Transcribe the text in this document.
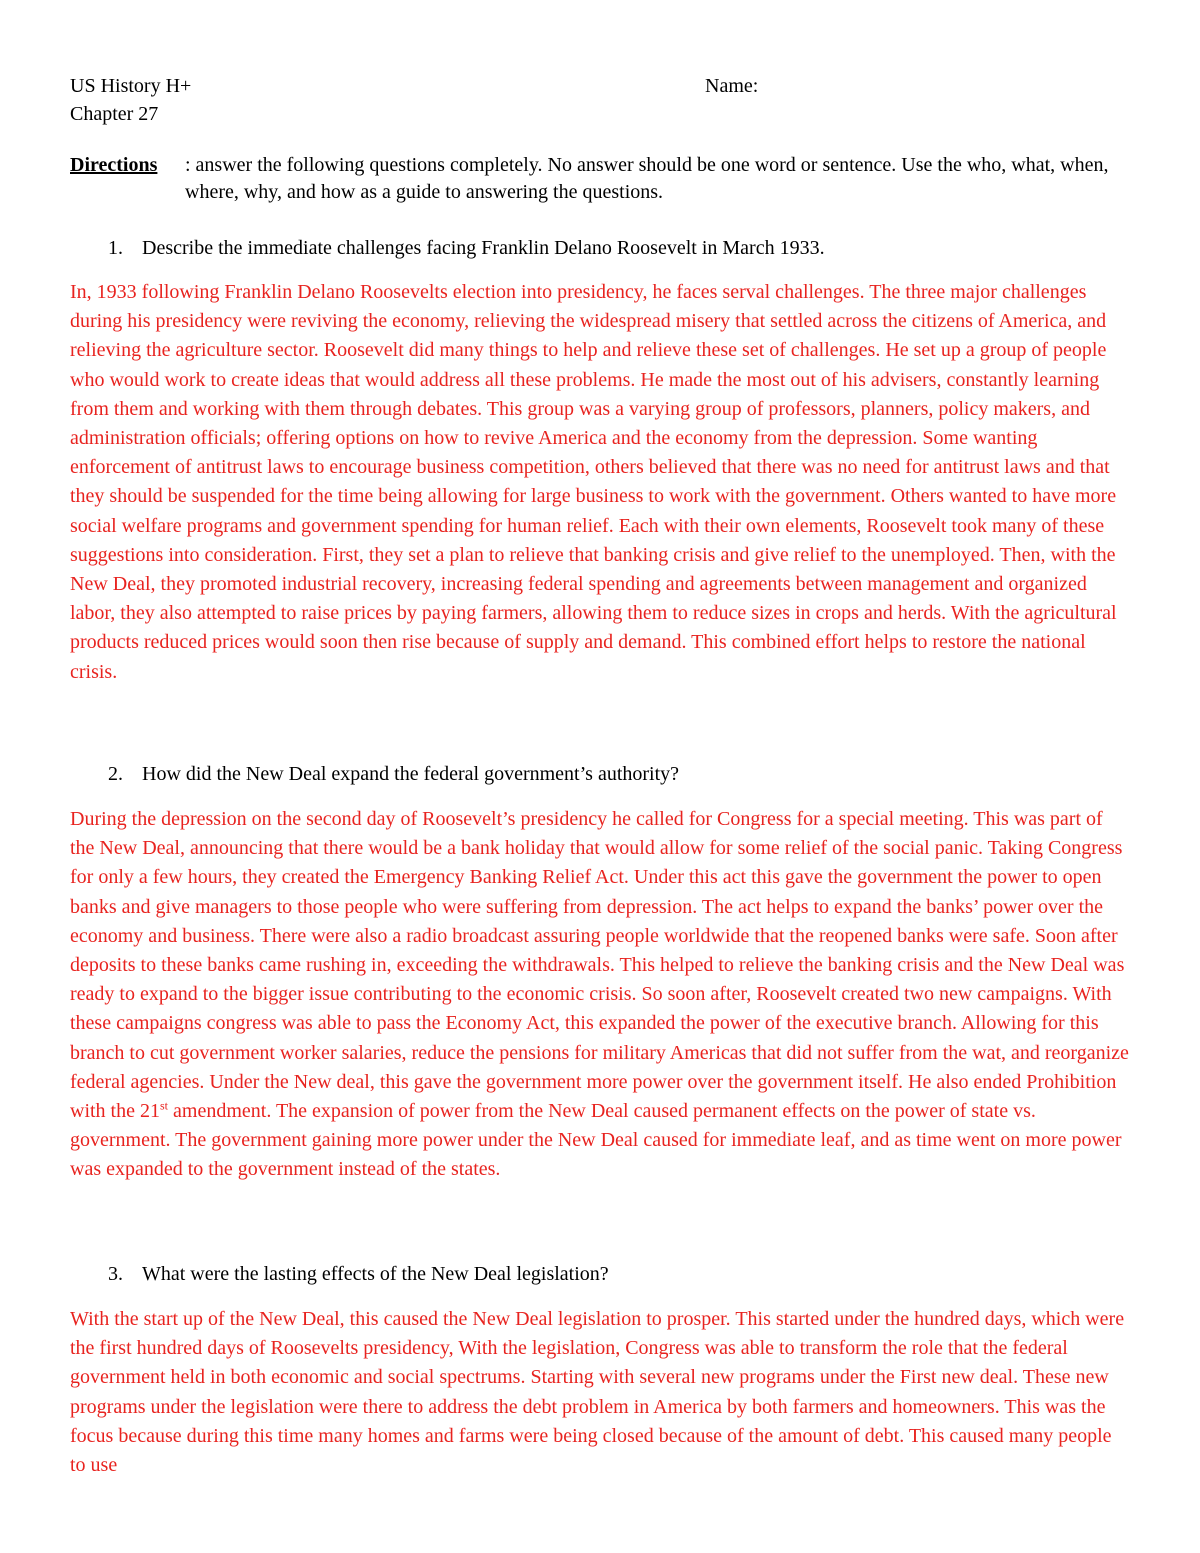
US History H+
Chapter 27
Name:
Directions	: answer the following questions completely. No answer should be one word or sentence. Use the who, what, when, where, why, and how as a guide to answering the questions.
1. Describe the immediate challenges facing Franklin Delano Roosevelt in March 1933.
In, 1933 following Franklin Delano Roosevelts election into presidency, he faces serval challenges. The three major challenges during his presidency were reviving the economy, relieving the widespread misery that settled across the citizens of America, and relieving the agriculture sector. Roosevelt did many things to help and relieve these set of challenges. He set up a group of people who would work to create ideas that would address all these problems. He made the most out of his advisers, constantly learning from them and working with them through debates. This group was a varying group of professors, planners, policy makers, and administration officials; offering options on how to revive America and the economy from the depression. Some wanting enforcement of antitrust laws to encourage business competition, others believed that there was no need for antitrust laws and that they should be suspended for the time being allowing for large business to work with the government. Others wanted to have more social welfare programs and government spending for human relief. Each with their own elements, Roosevelt took many of these suggestions into consideration. First, they set a plan to relieve that banking crisis and give relief to the unemployed. Then, with the New Deal, they promoted industrial recovery, increasing federal spending and agreements between management and organized labor, they also attempted to raise prices by paying farmers, allowing them to reduce sizes in crops and herds. With the agricultural products reduced prices would soon then rise because of supply and demand. This combined effort helps to restore the national crisis.
2. How did the New Deal expand the federal government’s authority?
During the depression on the second day of Roosevelt’s presidency he called for Congress for a special meeting. This was part of the New Deal, announcing that there would be a bank holiday that would allow for some relief of the social panic. Taking Congress for only a few hours, they created the Emergency Banking Relief Act. Under this act this gave the government the power to open banks and give managers to those people who were suffering from depression. The act helps to expand the banks’ power over the economy and business. There were also a radio broadcast assuring people worldwide that the reopened banks were safe. Soon after deposits to these banks came rushing in, exceeding the withdrawals. This helped to relieve the banking crisis and the New Deal was ready to expand to the bigger issue contributing to the economic crisis. So soon after, Roosevelt created two new campaigns. With these campaigns congress was able to pass the Economy Act, this expanded the power of the executive branch. Allowing for this branch to cut government worker salaries, reduce the pensions for military Americas that did not suffer from the wat, and reorganize federal agencies. Under the New deal, this gave the government more power over the government itself. He also ended Prohibition with the 21st amendment. The expansion of power from the New Deal caused permanent effects on the power of state vs. government. The government gaining more power under the New Deal caused for immediate leaf, and as time went on more power was expanded to the government instead of the states.
3. What were the lasting effects of the New Deal legislation?
With the start up of the New Deal, this caused the New Deal legislation to prosper. This started under the hundred days, which were the first hundred days of Roosevelts presidency, With the legislation, Congress was able to transform the role that the federal government held in both economic and social spectrums. Starting with several new programs under the First new deal. These new programs under the legislation were there to address the debt problem in America by both farmers and homeowners. This was the focus because during this time many homes and farms were being closed because of the amount of debt. This caused many people to use
